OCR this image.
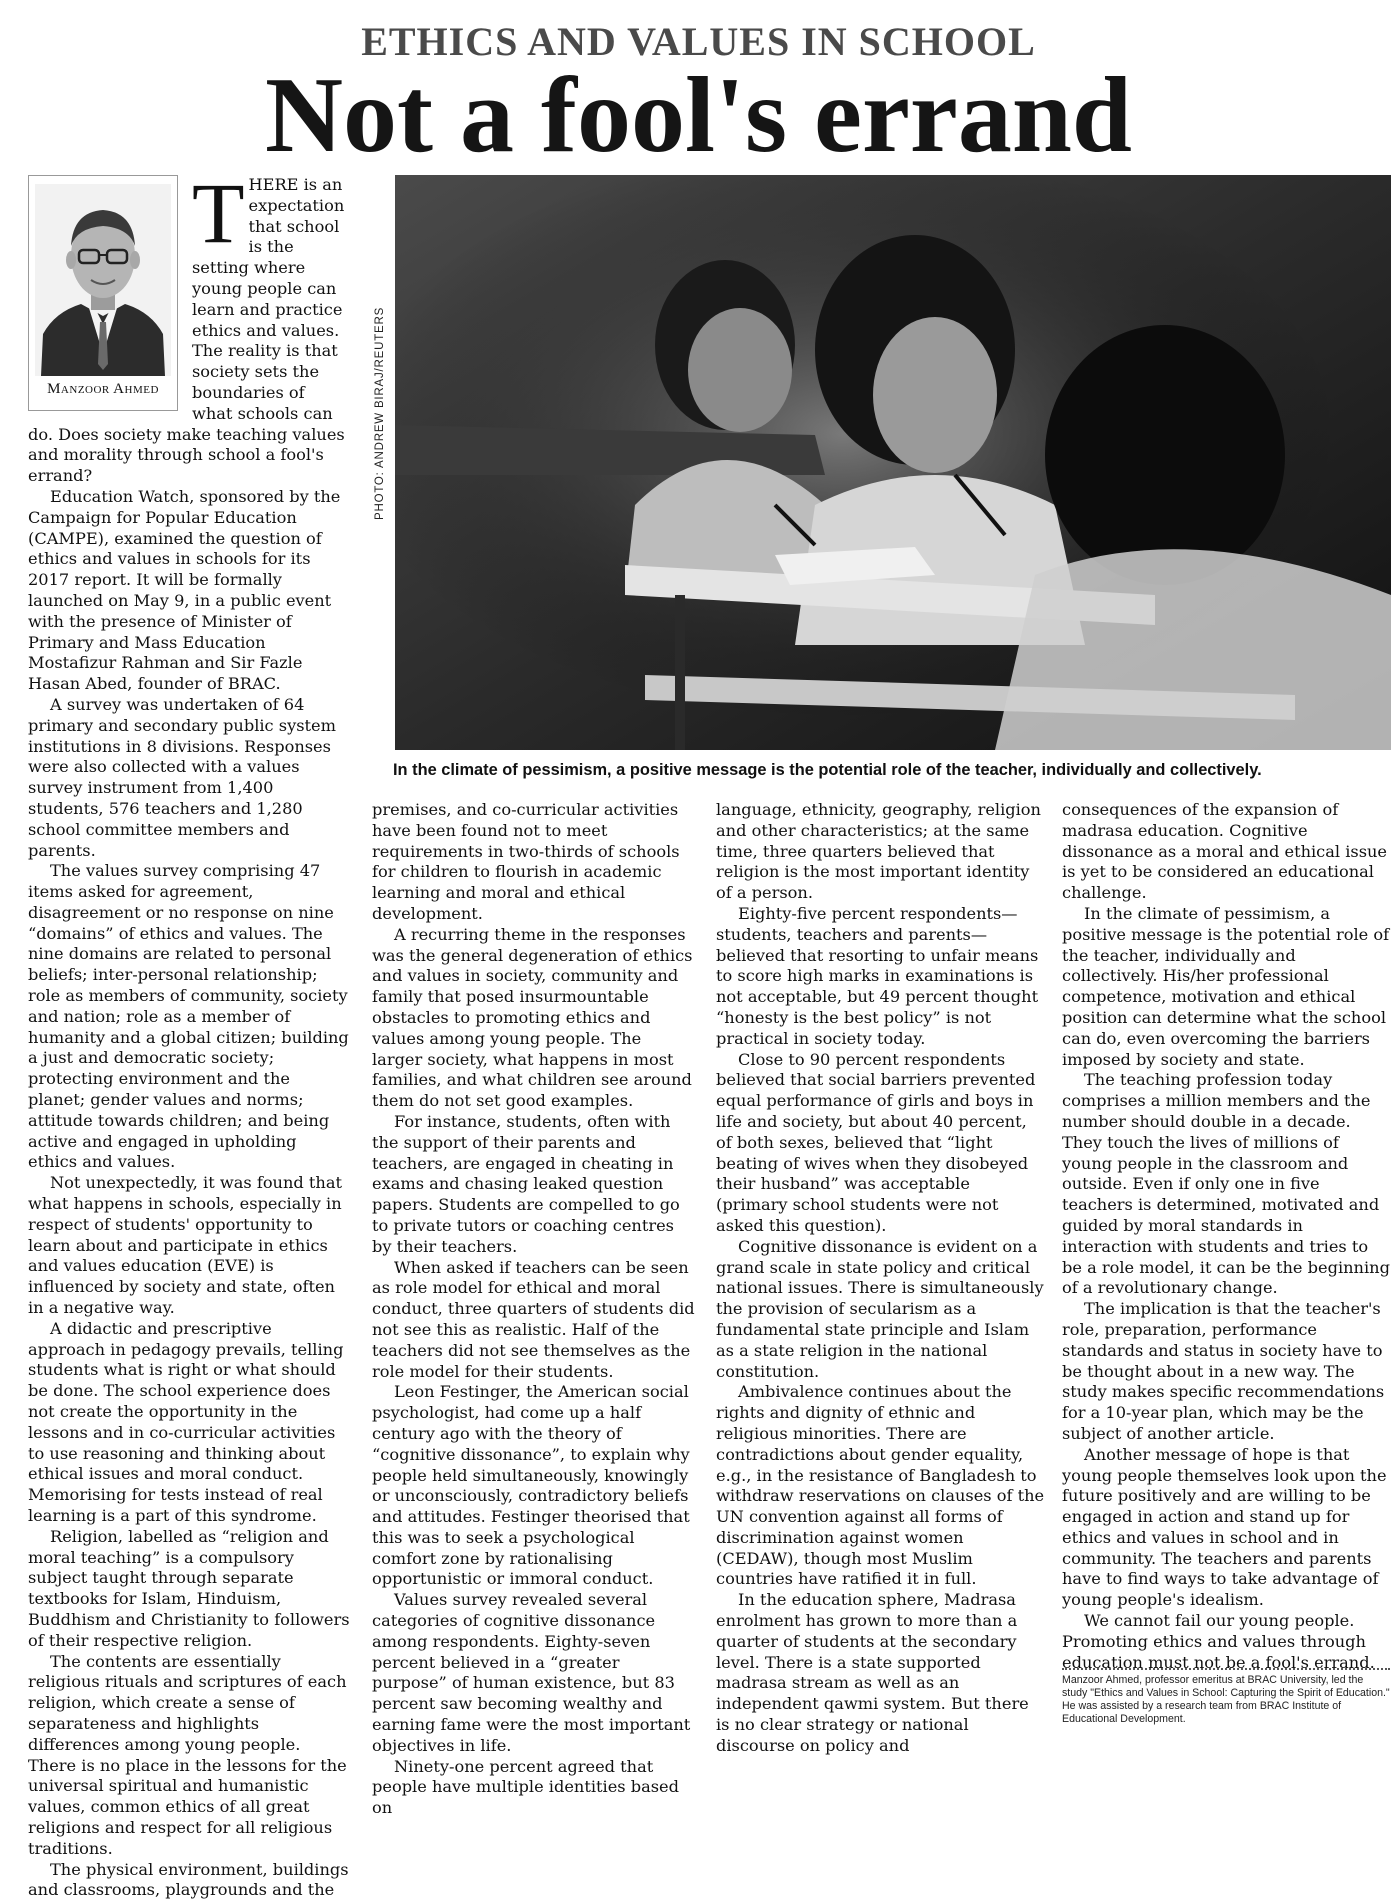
ETHICS AND VALUES IN SCHOOL
Not a fool's errand
Manzoor Ahmed
T HERE is an expectation that school is the setting where young people can learn and practice ethics and values. The reality is that society sets the boundaries of what schools can do. Does society make teaching values and morality through school a fool's errand?

Education Watch, sponsored by the Campaign for Popular Education (CAMPE), examined the question of ethics and values in schools for its 2017 report. It will be formally launched on May 9, in a public event with the presence of Minister of Primary and Mass Education Mostafizur Rahman and Sir Fazle Hasan Abed, founder of BRAC.

A survey was undertaken of 64 primary and secondary public system institutions in 8 divisions. Responses were also collected with a values survey instrument from 1,400 students, 576 teachers and 1,280 school committee members and parents.

The values survey comprising 47 items asked for agreement, disagreement or no response on nine “domains” of ethics and values. The nine domains are related to personal beliefs; inter-personal relationship; role as members of community, society and nation; role as a member of humanity and a global citizen; building a just and democratic society; protecting environment and the planet; gender values and norms; attitude towards children; and being active and engaged in upholding ethics and values.

Not unexpectedly, it was found that what happens in schools, especially in respect of students' opportunity to learn about and participate in ethics and values education (EVE) is influenced by society and state, often in a negative way.

A didactic and prescriptive approach in pedagogy prevails, telling students what is right or what should be done. The school experience does not create the opportunity in the lessons and in co-curricular activities to use reasoning and thinking about ethical issues and moral conduct. Memorising for tests instead of real learning is a part of this syndrome.

Religion, labelled as “religion and moral teaching” is a compulsory subject taught through separate textbooks for Islam, Hinduism, Buddhism and Christianity to followers of their respective religion.

The contents are essentially religious rituals and scriptures of each religion, which create a sense of separateness and highlights differences among young people. There is no place in the lessons for the universal spiritual and humanistic values, common ethics of all great religions and respect for all religious traditions.

The physical environment, buildings and classrooms, playgrounds and the

PHOTO: ANDREW BIRAJ/REUTERS
In the climate of pessimism, a positive message is the potential role of the teacher, individually and collectively.

premises, and co-curricular activities have been found not to meet requirements in two-thirds of schools for children to flourish in academic learning and moral and ethical development.

A recurring theme in the responses was the general degeneration of ethics and values in society, community and family that posed insurmountable obstacles to promoting ethics and values among young people. The larger society, what happens in most families, and what children see around them do not set good examples.

For instance, students, often with the support of their parents and teachers, are engaged in cheating in exams and chasing leaked question papers. Students are compelled to go to private tutors or coaching centres by their teachers.

When asked if teachers can be seen as role model for ethical and moral conduct, three quarters of students did not see this as realistic. Half of the teachers did not see themselves as the role model for their students.

Leon Festinger, the American social psychologist, had come up a half century ago with the theory of “cognitive dissonance”, to explain why people held simultaneously, knowingly or unconsciously, contradictory beliefs and attitudes. Festinger theorised that this was to seek a psychological comfort zone by rationalising opportunistic or immoral conduct.

Values survey revealed several categories of cognitive dissonance among respondents. Eighty-seven percent believed in a “greater purpose” of human existence, but 83 percent saw becoming wealthy and earning fame were the most important objectives in life.

Ninety-one percent agreed that people have multiple identities based on

language, ethnicity, geography, religion and other characteristics; at the same time, three quarters believed that religion is the most important identity of a person.

Eighty-five percent respondents—students, teachers and parents—believed that resorting to unfair means to score high marks in examinations is not acceptable, but 49 percent thought “honesty is the best policy” is not practical in society today.

Close to 90 percent respondents believed that social barriers prevented equal performance of girls and boys in life and society, but about 40 percent, of both sexes, believed that “light beating of wives when they disobeyed their husband” was acceptable (primary school students were not asked this question).

Cognitive dissonance is evident on a grand scale in state policy and critical national issues. There is simultaneously the provision of secularism as a fundamental state principle and Islam as a state religion in the national constitution.

Ambivalence continues about the rights and dignity of ethnic and religious minorities. There are contradictions about gender equality, e.g., in the resistance of Bangladesh to withdraw reservations on clauses of the UN convention against all forms of discrimination against women (CEDAW), though most Muslim countries have ratified it in full.

In the education sphere, Madrasa enrolment has grown to more than a quarter of students at the secondary level. There is a state supported madrasa stream as well as an independent qawmi system. But there is no clear strategy or national discourse on policy and

consequences of the expansion of madrasa education. Cognitive dissonance as a moral and ethical issue is yet to be considered an educational challenge.

In the climate of pessimism, a positive message is the potential role of the teacher, individually and collectively. His/her professional competence, motivation and ethical position can determine what the school can do, even overcoming the barriers imposed by society and state.

The teaching profession today comprises a million members and the number should double in a decade. They touch the lives of millions of young people in the classroom and outside. Even if only one in five teachers is determined, motivated and guided by moral standards in interaction with students and tries to be a role model, it can be the beginning of a revolutionary change.

The implication is that the teacher's role, preparation, performance standards and status in society have to be thought about in a new way. The study makes specific recommendations for a 10-year plan, which may be the subject of another article.

Another message of hope is that young people themselves look upon the future positively and are willing to be engaged in action and stand up for ethics and values in school and in community. The teachers and parents have to find ways to take advantage of young people's idealism.

We cannot fail our young people. Promoting ethics and values through education must not be a fool's errand.

Manzoor Ahmed, professor emeritus at BRAC University, led the study "Ethics and Values in School: Capturing the Spirit of Education." He was assisted by a research team from BRAC Institute of Educational Development.
